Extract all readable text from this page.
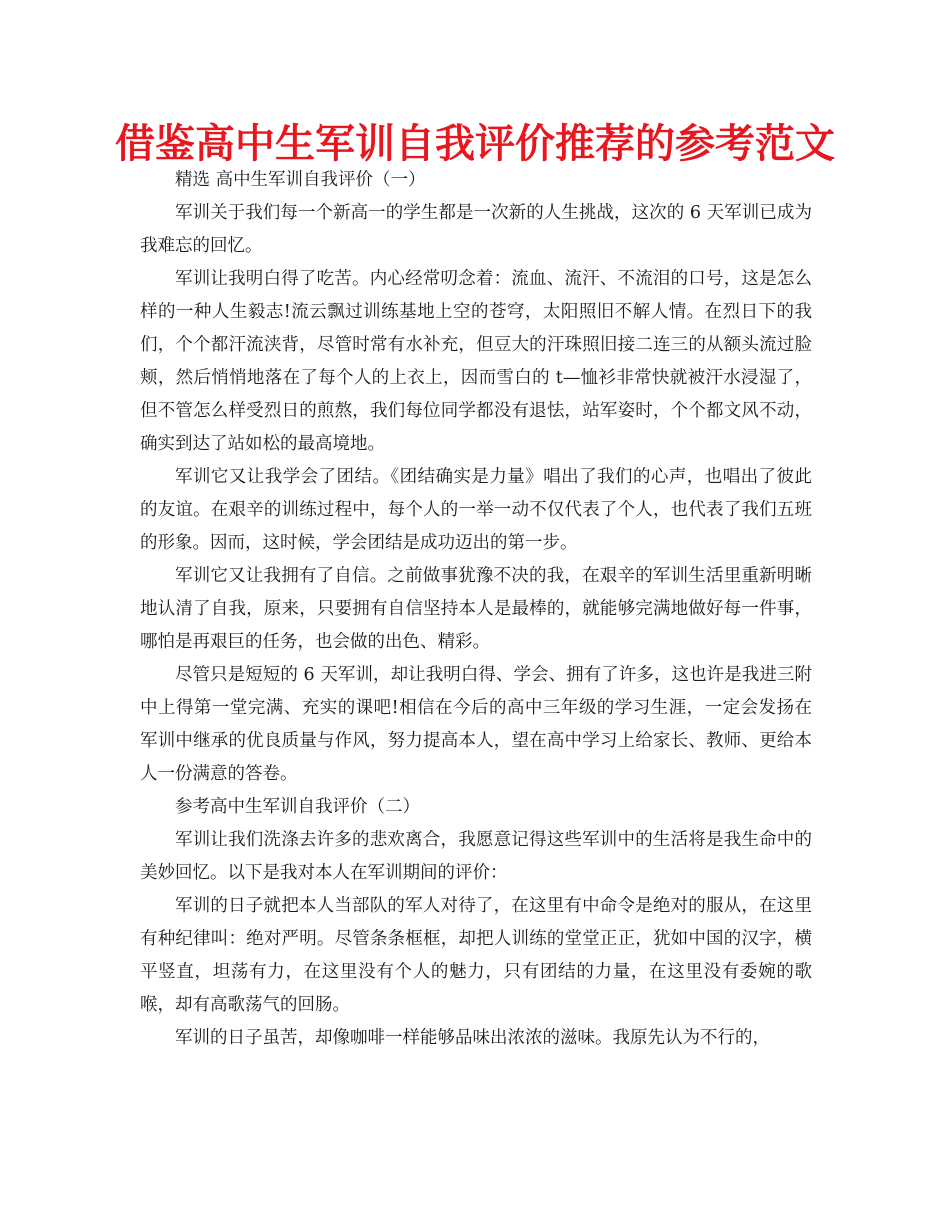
借鉴高中生军训自我评价推荐的参考范文

精选 高中生军训自我评价（一）

军训关于我们每一个新高一的学生都是一次新的人生挑战，这次的 6 天军训已成为我难忘的回忆。

军训让我明白得了吃苦。内心经常叨念着：流血、流汗、不流泪的口号，这是怎么样的一种人生毅志!流云飘过训练基地上空的苍穹，太阳照旧不解人情。在烈日下的我们，个个都汗流浃背，尽管时常有水补充，但豆大的汗珠照旧接二连三的从额头流过脸颊，然后悄悄地落在了每个人的上衣上，因而雪白的 t—恤衫非常快就被汗水浸湿了，但不管怎么样受烈日的煎熬，我们每位同学都没有退怯，站军姿时，个个都文风不动，确实到达了站如松的最高境地。

军训它又让我学会了团结。《团结确实是力量》唱出了我们的心声，也唱出了彼此的友谊。在艰辛的训练过程中，每个人的一举一动不仅代表了个人，也代表了我们五班的形象。因而，这时候，学会团结是成功迈出的第一步。

军训它又让我拥有了自信。之前做事犹豫不决的我，在艰辛的军训生活里重新明晰地认清了自我，原来，只要拥有自信坚持本人是最棒的，就能够完满地做好每一件事，哪怕是再艰巨的任务，也会做的出色、精彩。

尽管只是短短的 6 天军训，却让我明白得、学会、拥有了许多，这也许是我进三附中上得第一堂完满、充实的课吧!相信在今后的高中三年级的学习生涯，一定会发扬在军训中继承的优良质量与作风，努力提高本人，望在高中学习上给家长、教师、更给本人一份满意的答卷。

参考高中生军训自我评价（二）

军训让我们洗涤去许多的悲欢离合，我愿意记得这些军训中的生活将是我生命中的美妙回忆。以下是我对本人在军训期间的评价：

军训的日子就把本人当部队的军人对待了，在这里有中命令是绝对的服从，在这里有种纪律叫：绝对严明。尽管条条框框，却把人训练的堂堂正正，犹如中国的汉字，横平竖直，坦荡有力，在这里没有个人的魅力，只有团结的力量，在这里没有委婉的歌喉，却有高歌荡气的回肠。

军训的日子虽苦，却像咖啡一样能够品味出浓浓的滋味。我原先认为不行的，
